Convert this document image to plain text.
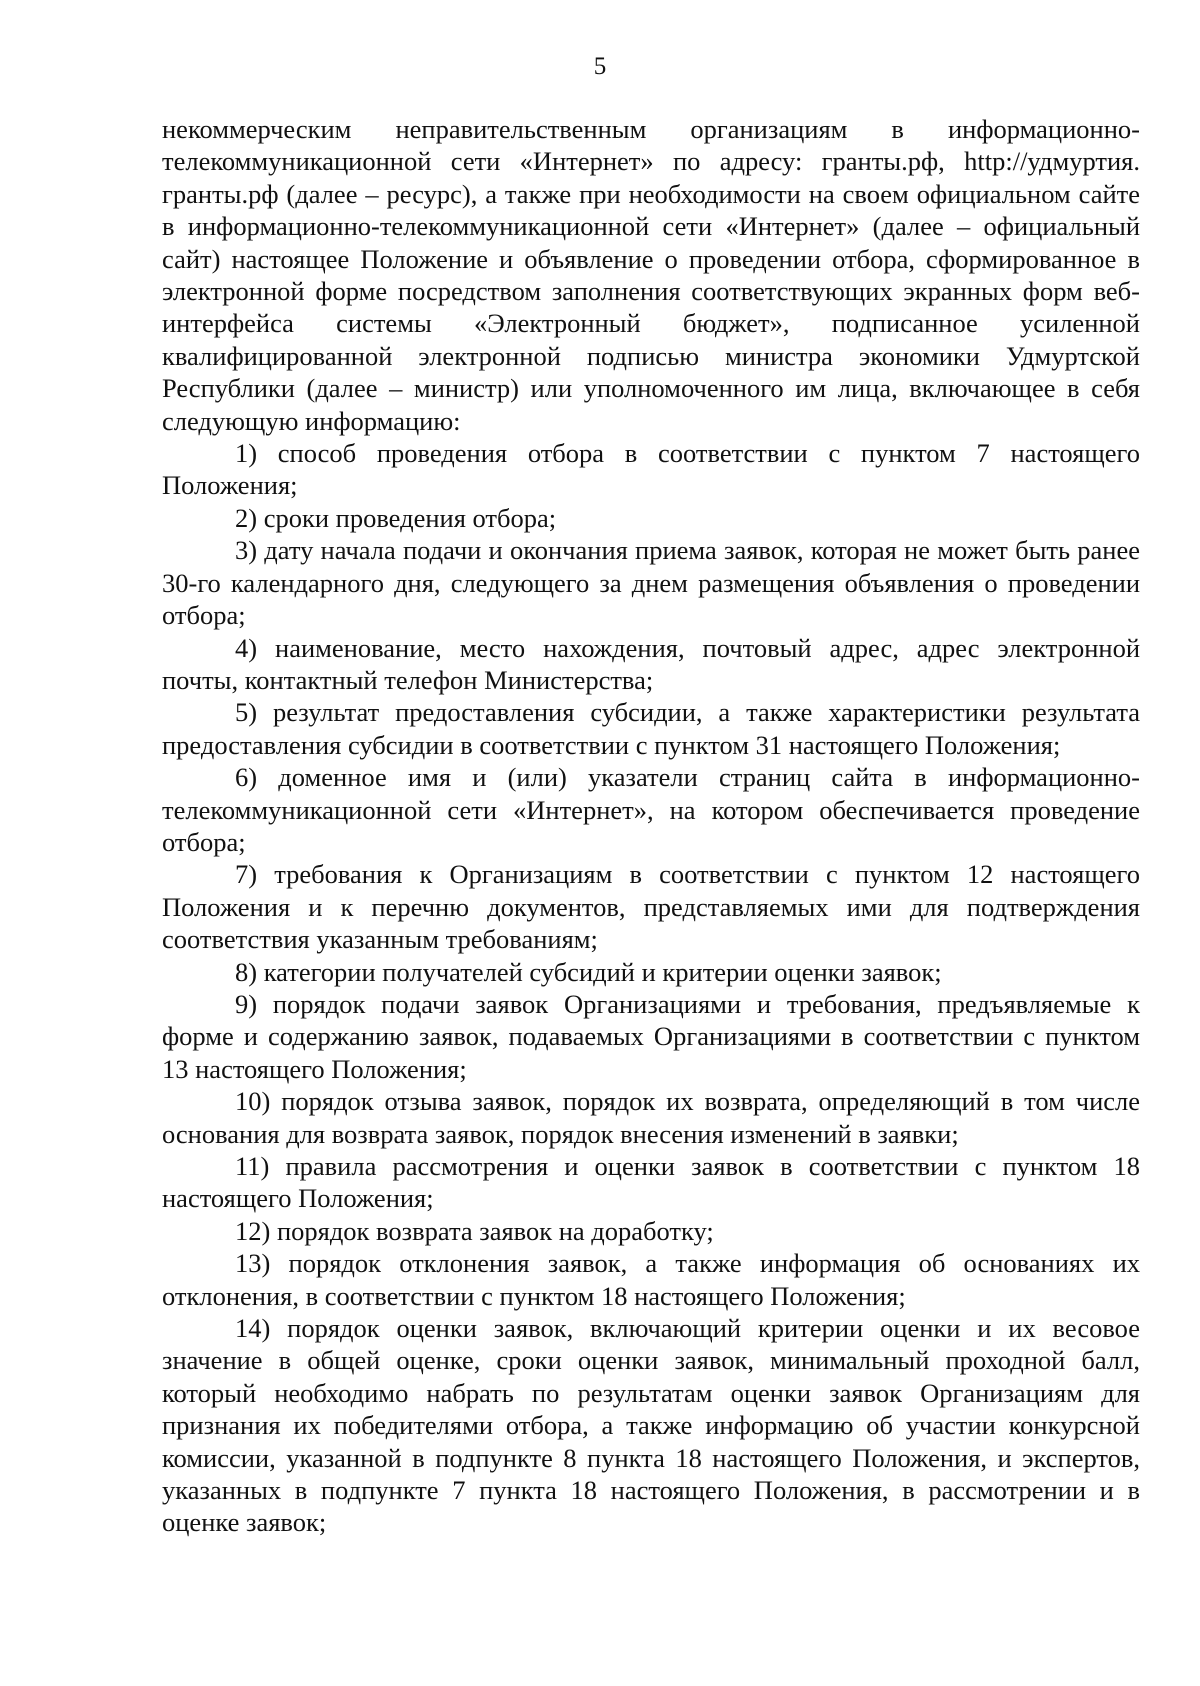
5

некоммерческим неправительственным организациям в информационно-телекоммуникационной сети «Интернет» по адресу: гранты.рф, http://удмуртия. гранты.рф (далее – ресурс), а также при необходимости на своем официальном сайте в информационно-телекоммуникационной сети «Интернет» (далее – официальный сайт) настоящее Положение и объявление о проведении отбора, сформированное в электронной форме посредством заполнения соответствующих экранных форм веб-интерфейса системы «Электронный бюджет», подписанное усиленной квалифицированной электронной подписью министра экономики Удмуртской Республики (далее – министр) или уполномоченного им лица, включающее в себя следующую информацию:

1) способ проведения отбора в соответствии с пунктом 7 настоящего Положения;

2) сроки проведения отбора;

3) дату начала подачи и окончания приема заявок, которая не может быть ранее 30-го календарного дня, следующего за днем размещения объявления о проведении отбора;

4) наименование, место нахождения, почтовый адрес, адрес электронной почты, контактный телефон Министерства;

5) результат предоставления субсидии, а также характеристики результата предоставления субсидии в соответствии с пунктом 31 настоящего Положения;

6) доменное имя и (или) указатели страниц сайта в информационно-телекоммуникационной сети «Интернет», на котором обеспечивается проведение отбора;

7) требования к Организациям в соответствии с пунктом 12 настоящего Положения и к перечню документов, представляемых ими для подтверждения соответствия указанным требованиям;

8) категории получателей субсидий и критерии оценки заявок;

9) порядок подачи заявок Организациями и требования, предъявляемые к форме и содержанию заявок, подаваемых Организациями в соответствии с пунктом 13 настоящего Положения;

10) порядок отзыва заявок, порядок их возврата, определяющий в том числе основания для возврата заявок, порядок внесения изменений в заявки;

11) правила рассмотрения и оценки заявок в соответствии с пунктом 18 настоящего Положения;

12) порядок возврата заявок на доработку;

13) порядок отклонения заявок, а также информация об основаниях их отклонения, в соответствии с пунктом 18 настоящего Положения;

14) порядок оценки заявок, включающий критерии оценки и их весовое значение в общей оценке, сроки оценки заявок, минимальный проходной балл, который необходимо набрать по результатам оценки заявок Организациям для признания их победителями отбора, а также информацию об участии конкурсной комиссии, указанной в подпункте 8 пункта 18 настоящего Положения, и экспертов, указанных в подпункте 7 пункта 18 настоящего Положения, в рассмотрении и в оценке заявок;
